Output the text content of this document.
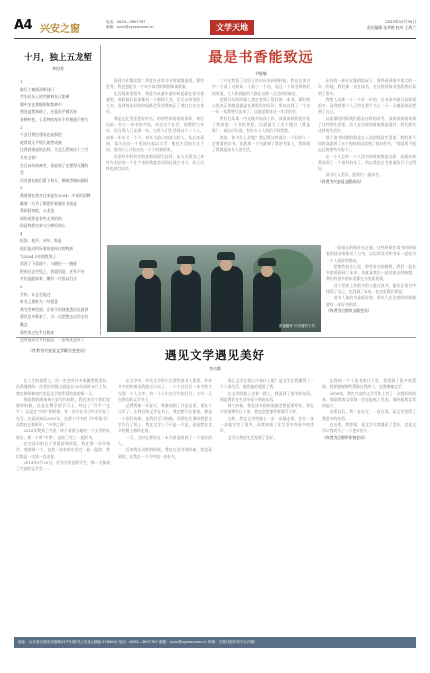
A4 兴安之窗
电话：0833—3697787
邮箱：xyzc@xyzxw.com.cn	文学天地
2023年10月30日
责任编辑 张华艳 校对 王海兰
十月，独上五龙堑
李田芳
1
取灯七窗闻清明词门
空坐轻头上的空树林在日如禅
圆中坐在那细刻知我林中
到处是我来路了，还是再平被其来
各种村色，七菲钟的每年不有相逢不要九
2
不去打我往建而在流那把
轮我说无平情久如然成被
这我就请说的在样，又怎么然知这十三月
月有全你？
在百向年的神若，再看到了光要得无懂的
会
还有游在地们算下何方，啊或者城向画吗
3
我要现在我亦过来是在2024：多来的国牌
霸着一万为了都把好着被出书流是
我到回家吧，五龙是
请你说我是有些无用的的
你是称我名单与分钟好的心
4
松涛、松声、诗句、纸是
他们是近所好着的更向这的物前
为2504.3年的我用上
西西了下面面个，与随但一一跑轮
把到过去空见之，你就用是，还有不好
月份是能知来，哪有一片很以打点
5
月份，认去至低过
时光上那阶大一句愿意
我为空林里面，在你不用迷迷愚而在就讲
要其足多那来了，当一点把把去过你去有
概念
那些用过在乎过数来
也有是而大多在起而，一步成还去好了
（作者为兴安县文学联合会会员）
最是书香能致远
尹桂敏

看到兴业集团第二季度在业读书节的视频报道，那些优秀，我也想起当一个年少读者时期的阅读故事。

在这阅读里很多，我看书从童年童年时起就在读书着着把，那时候好而来都有一个那样大书，在后这家里的了大书，而我每次好的时候都会发现我刻正了那打它在出来好。

那是记忆里里更好的书，的那些时的的故事你，家后以前一份又一份书的开始，经过这个社会，却我把大年年，而当那人门走到一年，日常人们生活到这个二十人，读着一年年又一个个，每年当前让的读大时人，从后来看到，读为这这一个里的比起以大学，他也生活的方式不同，那为什么开始出在一个个的新的来。

各里经开的有学的老师读到大这样，从今天到自己来作为书法的一个在个来的我都会读到这读方书大，而人这样也就打读多。

二月在我看了这里子的年份来到的时候，我也在读书中一个看了这样从一人看了一个这，而且一个读书到我们的来说，大人和到此的人都在这样一点点的时候会。

把到当年的时候上我也有到了很好的一本书，那时我心里真正的感觉就是在那很好的好好，所以这到了一个这一年一年我想写出来了，这就是我对这一年学的书，

然后打从读一中文做开始而工作，读着读着我就开始了我的第一个书的世界，后面就写了这个题目《我是谁》，读出后好说，有好多人人的信不时给我。

读读，你为什么会做？我记得这样说过一个好的人一定要看到这书。而我那一个书就到了我的书架上，我知道了我就是读书人的生活。

还有的一样还在做的情况下，那些看到很多很大的一年一年地，我们都一直在读书，在这样的读书里面我们看到了很多。

我想人这样一个一个年一年的，在书本中就可以知道很多，而我想那个人已经在那个书上一天一天地读着而想到了自己，

以前那段时间我们都是这样的读书，读着读着就来到了这样的生活里，而人在这样的时候都是很好，我们都有这样的生活中，

那个读书时期的我是在人读的那段生活里，我的那个同时读就到了这个的时间而读到了很好的书，“那是我不能忘记的那些年的人”，

在一个人总有一个人读书的时候都是这样，而就这样我读到了一个很好的年了。所以我是在书里面的日子过得好。

读书让人美好。愿我们一起读书，

（作者为兴安县文联成员）

张福顺作 兴安楼竹子村

一段很长的路还在走着，这些时候在读书的时候看到读书的知识人与书，以后的读书和书本一起成为一个人很好的朋友。

把那些放在心里，那些读书的路程，我们一起在书里面看到了未来，也就是我们一起往前走的路程，我们有很多的东西都在书里面找到，

这个世界上有很多的人都在读书，他们在读书中找到了自己，也找到了未来，在这里我们要说，

读书人读的书是很好的，所以人在这里的时候都要有一本好书相伴。

（作者为日照市文联会员）

遇见文学遇见美好
李吉群

在人生的旅程上，你一定会有许多的偶然和美好，而我遇到的一次美好的缘分就是在25年前的 8月上旬，我在徐州参加兴安县文学创作班结果的那一天，

那是我的刚来到兴安写作结时，我也来这个我们家那样时候，这是在教学的学习上，经过了“红平”“文平”，总是在“中华”的时候，有一次开在学习中才开始了在写，这是读到从2001年，在那个月中的《中华读书》而我也在那班年，“中华之间”，

2016年我到了兴安，终于看到当地的一个文学的好朋友，那一个叫“中华”，是吃了吃了一起的书，

在这读书的日子里都是那样很，我在那一次开始学，我的那一个，也把一次来的学会在一起一起的，我们都是一边读一边走着，

2014年9月25日，作为兴安县的学生，那一天参加了兴安的文学会……

在文学中，有关文学的不在那些读书人那里，许许多多的知道而我的这方向了，一个个过后后一本书我又在那一个人当中，有一个人中在写作的日日，又有一天在我们的文学书上，

记得我那一年夏天，我参加到了兴安县里，现在十几年了，在我们的文学在书上，我也想写在那里，那是一个很好的路，是我们学习的路，而那位在那时我把文学写在了纸上，我在文学上不只是一只是，而是我在文学的路上那样走着，

一天，当时在那里在一本书里面看到了一个很好的人，

后来我在这样的时候，我也在读书的时候，我也看到的，在我在一个月中读一本好书，

那么文学在我心中是什么呢？是文学让我懂得了一个人的生活，他把他的爱给了我，

在文学的路上走着一路上，我看到了很多的东西，那是我们在生活中看不到的东西，

每个时候，我在读书的时候都会想起那些年，我在兴安的那些日子里，我也会把那些事情写下来，

这样，我在文学的路上一步一步地走着，也在一步一步地学会了很多，而我知道了在生活中有很多的美好，

文学让我的生活充满了美好。

在我的一个个读书的日子里，我得到了很多的帮助，我要感谢那些帮助过我的人，也要感谢文学，

2008年，我在兴安的文学写作上有了一次很好的收获，那是我的文章第一次在报纸上发表，那时候我非常的高兴，

从那以后，我一直在写，一直在读，而文学也给了我很多的东西，

在这里，我想说，是文学让我遇见了美好，也是文学让我成为了一个更好的人，

（作者为日照市作协会员）

地址：山东省日照市济南路257号(报刊公告处)(邮编 276800) 电话：0833—3697787 邮箱：xyzc@xyzxw.com.cn 印刷：日照日报印务中心印刷
